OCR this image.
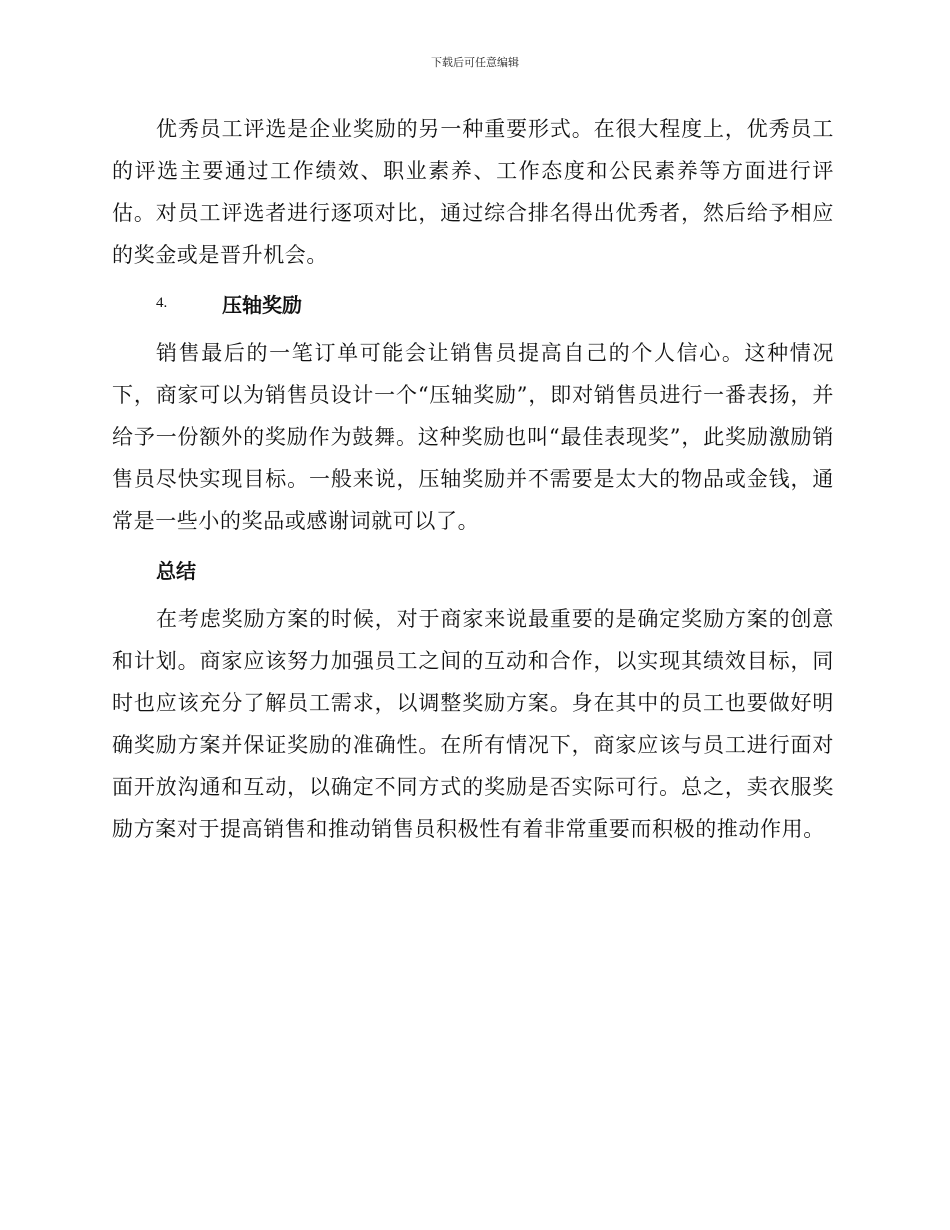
下载后可任意编辑

优秀员工评选是企业奖励的另一种重要形式。在很大程度上，优秀员工的评选主要通过工作绩效、职业素养、工作态度和公民素养等方面进行评估。对员工评选者进行逐项对比，通过综合排名得出优秀者，然后给予相应的奖金或是晋升机会。

4.	压轴奖励

销售最后的一笔订单可能会让销售员提高自己的个人信心。这种情况下，商家可以为销售员设计一个“压轴奖励”，即对销售员进行一番表扬，并给予一份额外的奖励作为鼓舞。这种奖励也叫“最佳表现奖”，此奖励激励销售员尽快实现目标。一般来说，压轴奖励并不需要是太大的物品或金钱，通常是一些小的奖品或感谢词就可以了。

总结

在考虑奖励方案的时候，对于商家来说最重要的是确定奖励方案的创意和计划。商家应该努力加强员工之间的互动和合作，以实现其绩效目标，同时也应该充分了解员工需求，以调整奖励方案。身在其中的员工也要做好明确奖励方案并保证奖励的准确性。在所有情况下，商家应该与员工进行面对面开放沟通和互动，以确定不同方式的奖励是否实际可行。总之，卖衣服奖励方案对于提高销售和推动销售员积极性有着非常重要而积极的推动作用。
